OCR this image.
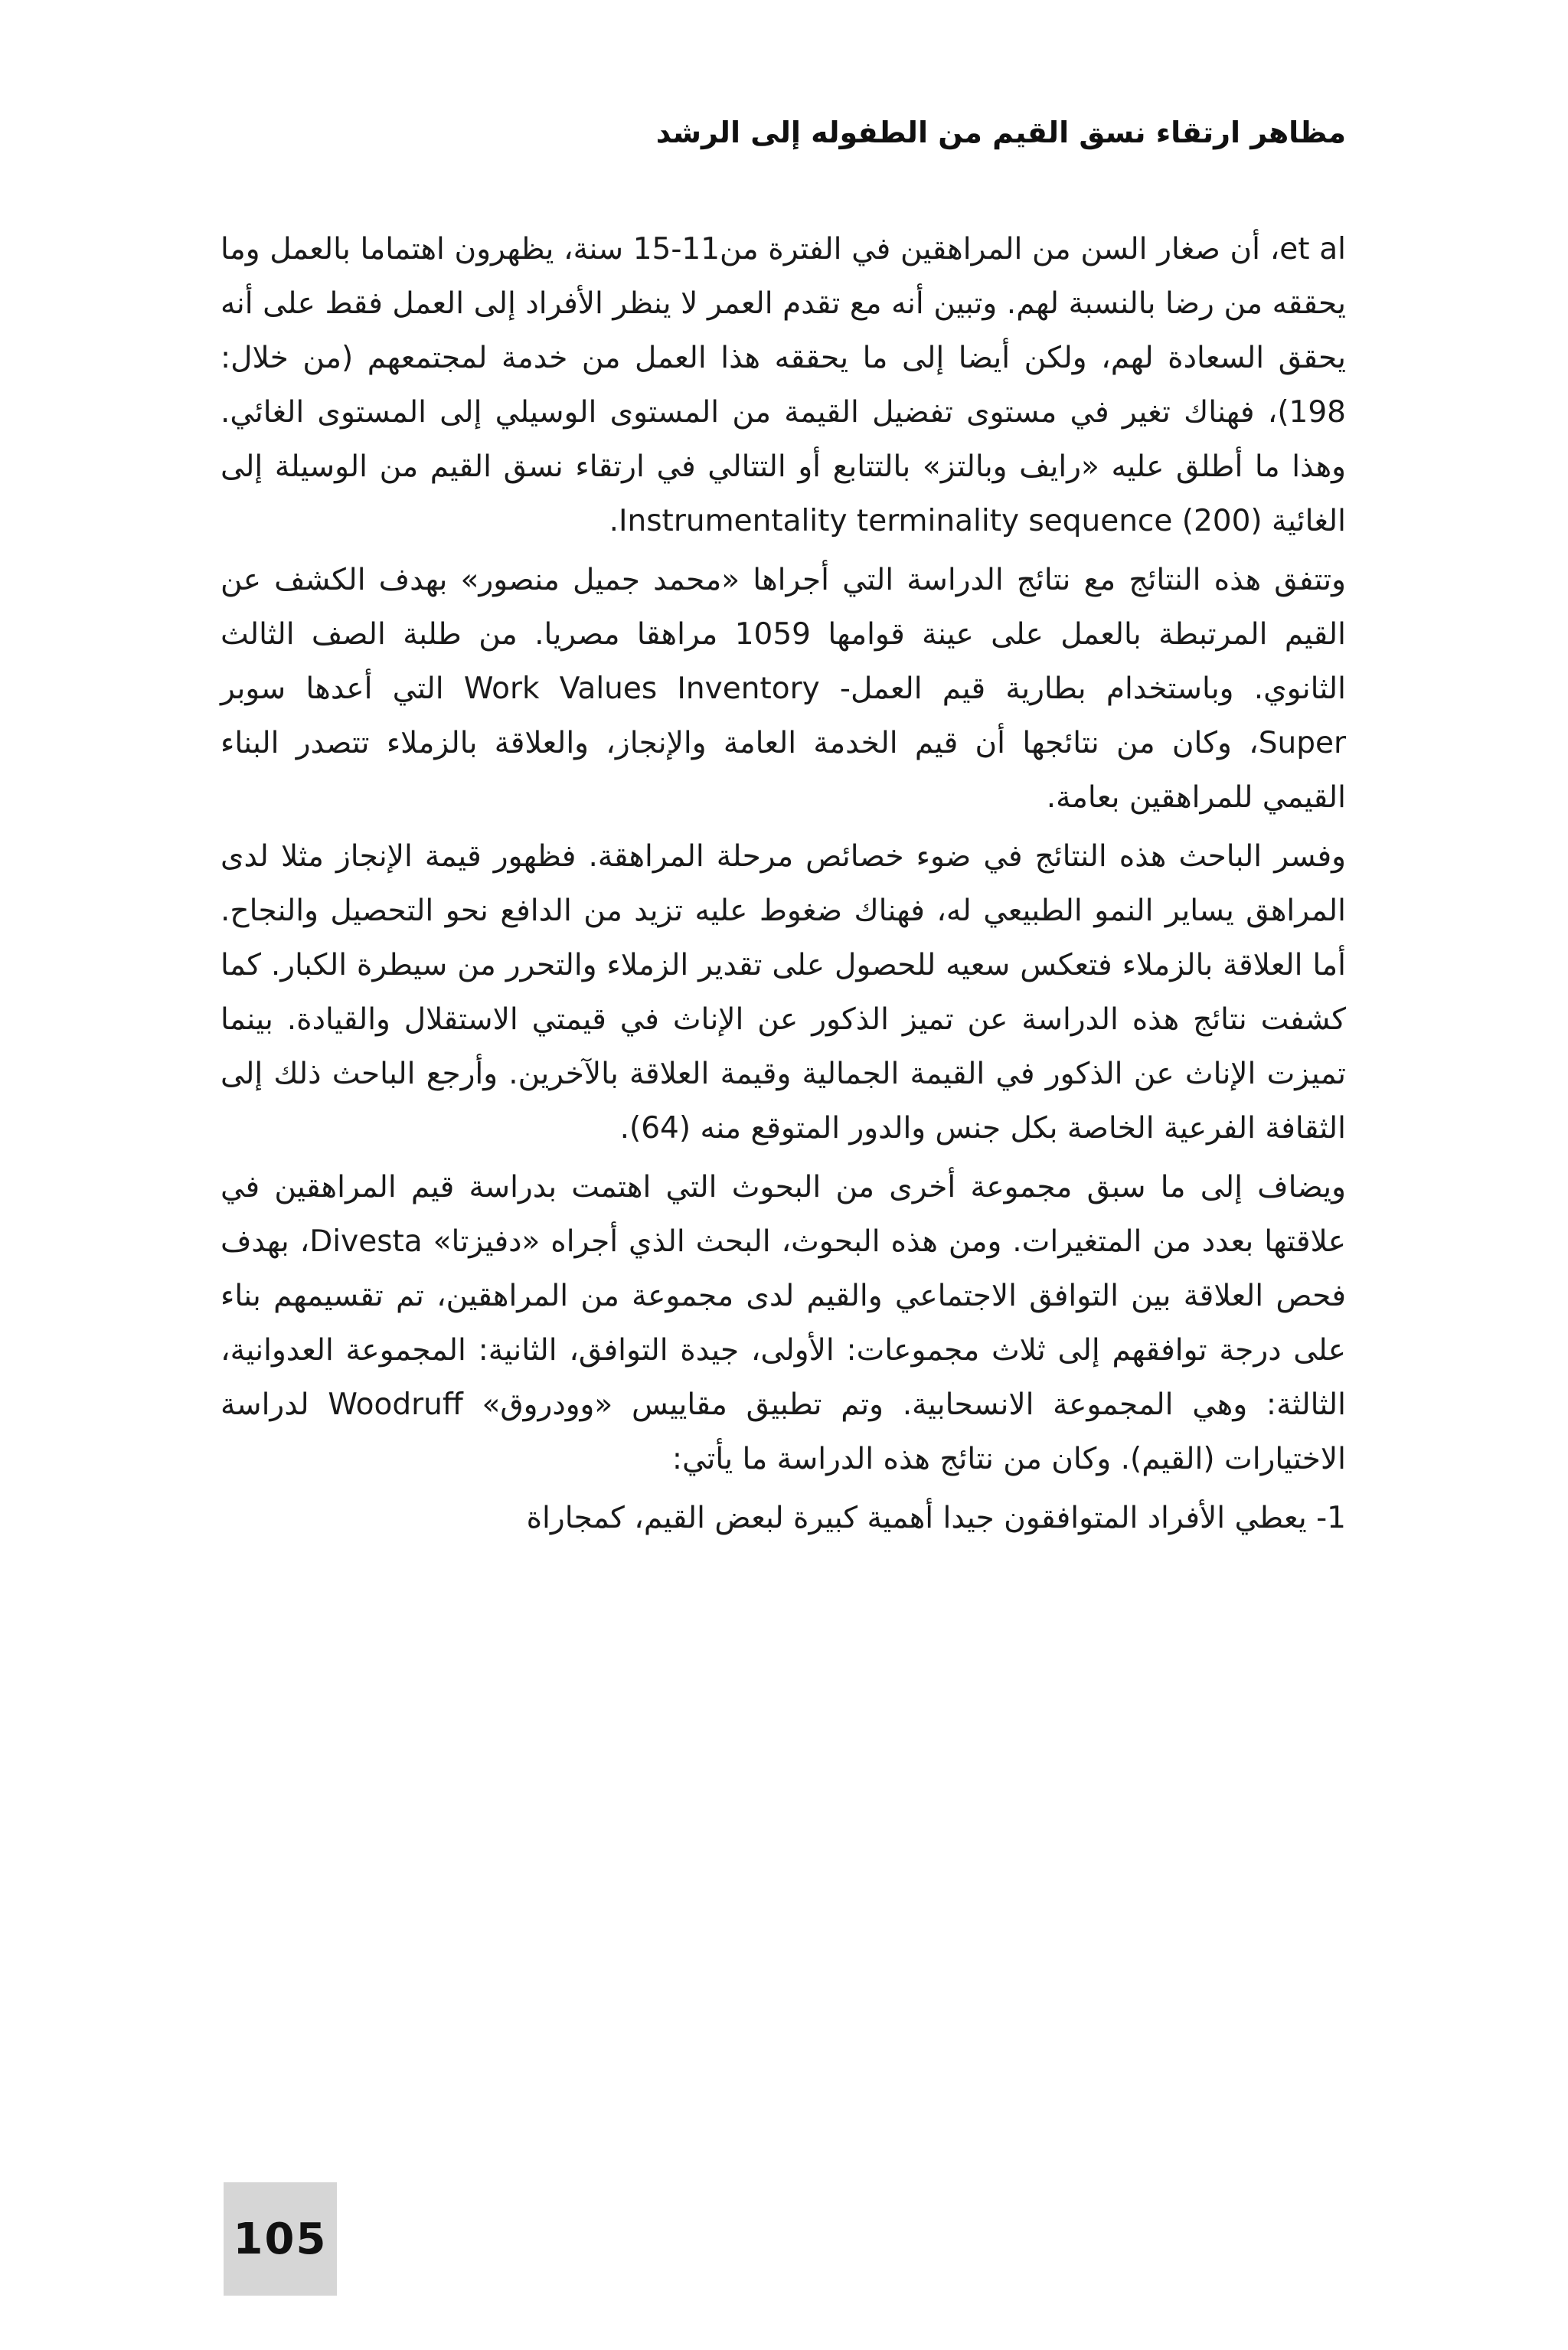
مظاهر ارتقاء نسق القيم من الطفوله إلى الرشد

et al، أن صغار السن من المراهقين في الفترة من11-15 سنة، يظهرون اهتماما بالعمل وما يحققه من رضا بالنسبة لهم. وتبين أنه مع تقدم العمر لا ينظر الأفراد إلى العمل فقط على أنه يحقق السعادة لهم، ولكن أيضا إلى ما يحققه هذا العمل من خدمة لمجتمعهم (من خلال: 198)، فهناك تغير في مستوى تفضيل القيمة من المستوى الوسيلي إلى المستوى الغائي. وهذا ما أطلق عليه «رايف وبالتز» بالتتابع أو التتالي في ارتقاء نسق القيم من الوسيلة إلى الغائية Instrumentality terminality sequence (200).

وتتفق هذه النتائج مع نتائج الدراسة التي أجراها «محمد جميل منصور» بهدف الكشف عن القيم المرتبطة بالعمل على عينة قوامها 1059 مراهقا مصريا. من طلبة الصف الثالث الثانوي. وباستخدام بطارية قيم العمل- Work Values Inventory التي أعدها سوبر Super، وكان من نتائجها أن قيم الخدمة العامة والإنجاز، والعلاقة بالزملاء تتصدر البناء القيمي للمراهقين بعامة.

وفسر الباحث هذه النتائج في ضوء خصائص مرحلة المراهقة. فظهور قيمة الإنجاز مثلا لدى المراهق يساير النمو الطبيعي له، فهناك ضغوط عليه تزيد من الدافع نحو التحصيل والنجاح. أما العلاقة بالزملاء فتعكس سعيه للحصول على تقدير الزملاء والتحرر من سيطرة الكبار. كما كشفت نتائج هذه الدراسة عن تميز الذكور عن الإناث في قيمتي الاستقلال والقيادة. بينما تميزت الإناث عن الذكور في القيمة الجمالية وقيمة العلاقة بالآخرين. وأرجع الباحث ذلك إلى الثقافة الفرعية الخاصة بكل جنس والدور المتوقع منه (64).

ويضاف إلى ما سبق مجموعة أخرى من البحوث التي اهتمت بدراسة قيم المراهقين في علاقتها بعدد من المتغيرات. ومن هذه البحوث، البحث الذي أجراه «دفيزتا» Divesta، بهدف فحص العلاقة بين التوافق الاجتماعي والقيم لدى مجموعة من المراهقين، تم تقسيمهم بناء على درجة توافقهم إلى ثلاث مجموعات: الأولى، جيدة التوافق، الثانية: المجموعة العدوانية، الثالثة: وهي المجموعة الانسحابية. وتم تطبيق مقاييس «وودروق» Woodruff لدراسة الاختيارات (القيم). وكان من نتائج هذه الدراسة ما يأتي:

1- يعطي الأفراد المتوافقون جيدا أهمية كبيرة لبعض القيم، كمجاراة

105
